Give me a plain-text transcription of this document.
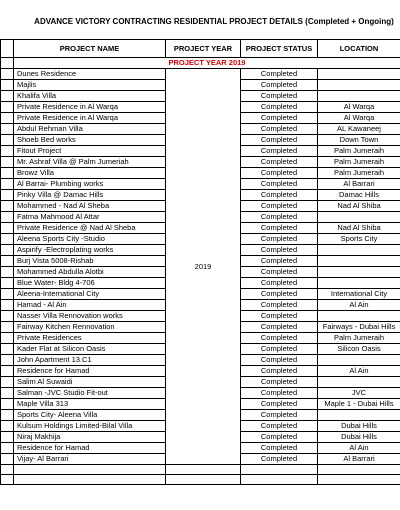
ADVANCE VICTORY CONTRACTING RESIDENTIAL PROJECT DETAILS (Completed + Ongoing)
	PROJECT NAME	PROJECT YEAR	PROJECT STATUS	LOCATION
	PROJECT YEAR 2019			
	Dunes Residence	2019	Completed	
	Majlis		Completed	
	Khalifa Villa		Completed	
	Private Residence in Al Warqa		Completed	Al Warqa
	Private Residence in Al Warqa		Completed	Al Warqa
	Abdul Rehman Villa		Completed	AL Kawaneej
	Shoeb Bed works		Completed	Down Town
	Fitout Project		Completed	Palm Jumeraih
	Mr. Ashraf Villa @ Palm Jumeriah		Completed	Palm Jumeraih
	Browz Villa		Completed	Palm Jumeraih
	Al Barrai- Plumbing works		Completed	Al Barrari
	Pinky Villa @ Damac Hills		Completed	Damac Hills
	Mohammed - Nad Al Sheba		Completed	Nad Al Shiba
	Fatma Mahmood Al Attar		Completed	
	Private Residence @ Nad Al Sheba		Completed	Nad Al Shiba
	Aleena Sports City -Studio		Completed	Sports City
	Aspirify -Electroplating works		Completed	
	Burj Vista 5008-Rishab		Completed	
	Mohammed Abdulla Alotbi		Completed	
	Blue Water- Bldg 4-706		Completed	
	Aleena-International City		Completed	International City
	Hamad - Al Ain		Completed	Al Ain
	Nasser Villa Rennovation works		Completed	
	Fairway Kitchen Rennovation		Completed	Fairways - Dubai Hills
	Private Residences		Completed	Palm Jumeraih
	Kader Flat at Silicon Oasis		Completed	Silicon Oasis
	John Apartment 13.C1		Completed	
	Residence for Hamad		Completed	Al Ain
	Salim Al Suwaidi		Completed	
	Salman -JVC Studio Fit-out		Completed	JVC
	Maple Villa 313		Completed	Maple 1 - Dubai Hills
	Sports City- Aleena Villa		Completed	
	Kulsum Holdings Limited-Bilal Villa		Completed	Dubai Hills
	Niraj Makhija		Completed	Dubai Hills
	Residence for Hamad		Completed	Al Ain
	Vijay- Al Barrari		Completed	Al Barrari
